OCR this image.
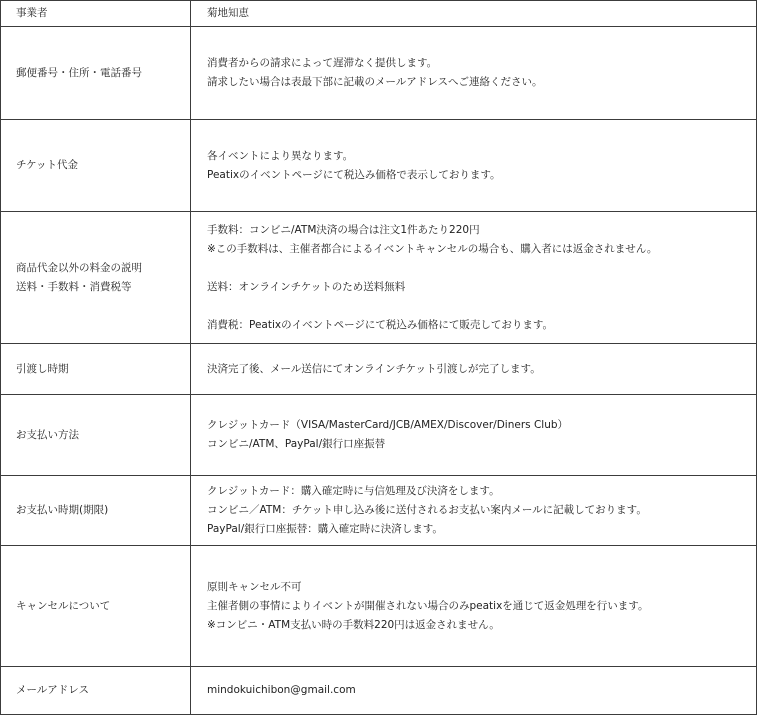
事業者	菊地知恵

郵便番号・住所・電話番号	消費者からの請求によって遅滞なく提供します。
請求したい場合は表最下部に記載のメールアドレスへご連絡ください。

チケット代金	各イベントにより異なります。
Peatixのイベントページにて税込み価格で表示しております。

商品代金以外の料金の説明
送料・手数料・消費税等	手数料：コンビニ/ATM決済の場合は注文1件あたり220円
※この手数料は、主催者都合によるイベントキャンセルの場合も、購入者には返金されません。
送料：オンラインチケットのため送料無料
消費税：Peatixのイベントページにて税込み価格にて販売しております。

引渡し時期	決済完了後、メール送信にてオンラインチケット引渡しが完了します。

お支払い方法	クレジットカード（VISA/MasterCard/JCB/AMEX/Discover/Diners Club）
コンビニ/ATM、PayPal/銀行口座振替

お支払い時期(期限)	クレジットカード：購入確定時に与信処理及び決済をします。
コンビニ／ATM：チケット申し込み後に送付されるお支払い案内メールに記載しております。
PayPal/銀行口座振替：購入確定時に決済します。

キャンセルについて	原則キャンセル不可
主催者側の事情によりイベントが開催されない場合のみpeatixを通じて返金処理を行います。
※コンビニ・ATM支払い時の手数料220円は返金されません。

メールアドレス	mindokuichibon@gmail.com
